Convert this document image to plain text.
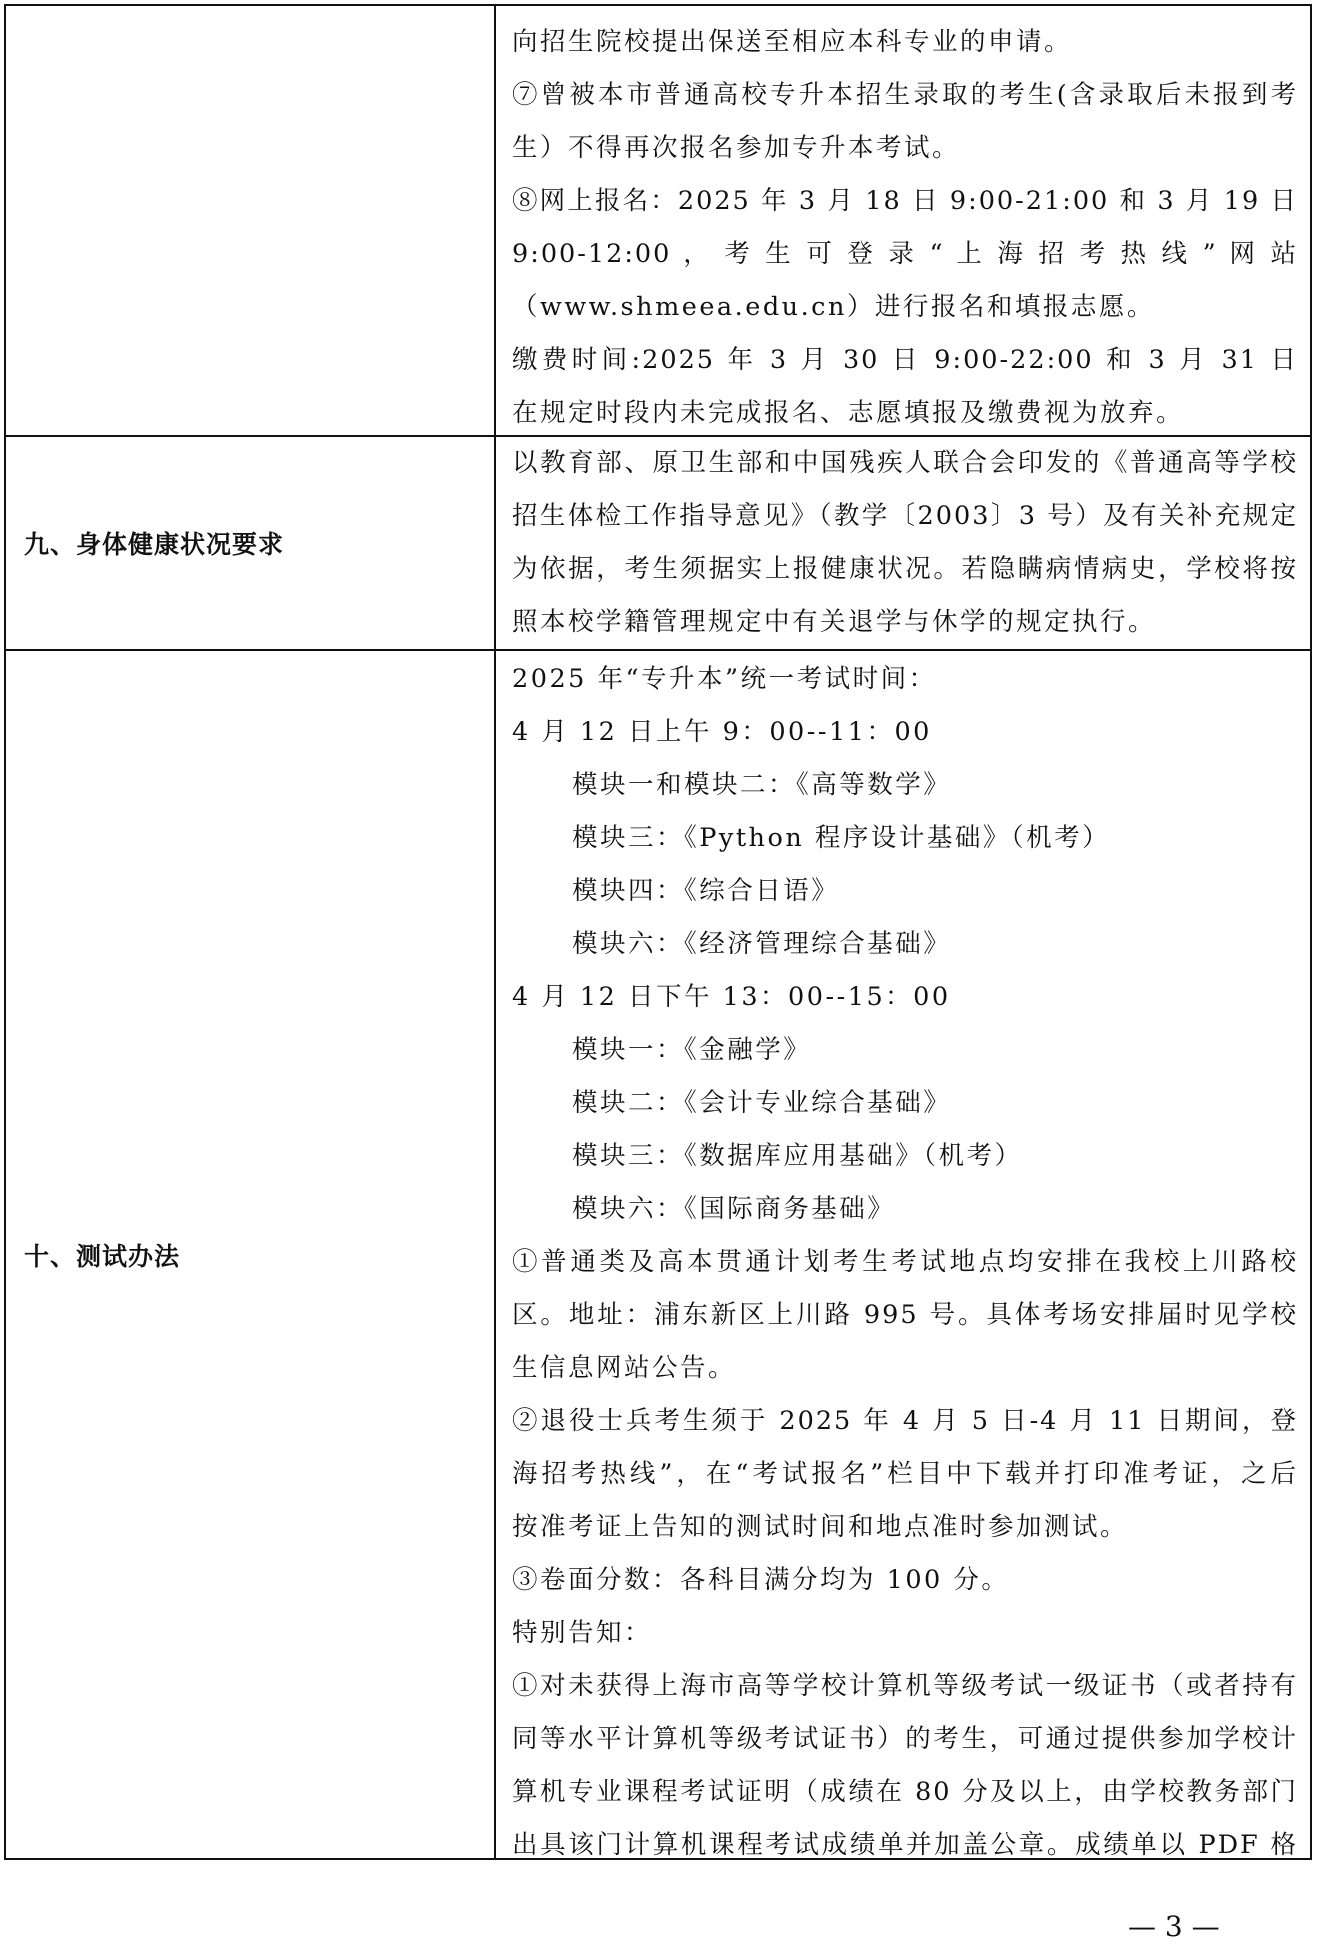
向招生院校提出保送至相应本科专业的申请。
⑦曾被本市普通高校专升本招生录取的考生(含录取后未报到考
生）不得再次报名参加专升本考试。
⑧网上报名：2025 年 3 月 18 日 9:00-21:00 和 3 月 19 日
9:00-12:00 ， 考 生 可 登 录 “ 上 海 招 考 热 线 ” 网 站
（www.shmeea.edu.cn）进行报名和填报志愿。
缴费时间:2025 年 3 月 30 日 9:00-22:00 和 3 月 31 日
在规定时段内未完成报名、志愿填报及缴费视为放弃。
九、身体健康状况要求
以教育部、原卫生部和中国残疾人联合会印发的《普通高等学校
招生体检工作指导意见》（教学〔2003〕3 号）及有关补充规定
为依据，考生须据实上报健康状况。若隐瞒病情病史，学校将按
照本校学籍管理规定中有关退学与休学的规定执行。
十、测试办法
2025 年“专升本”统一考试时间：
4 月 12 日上午 9：00--11：00
模块一和模块二：《高等数学》
模块三：《Python 程序设计基础》（机考）
模块四：《综合日语》
模块六：《经济管理综合基础》
4 月 12 日下午 13：00--15：00
模块一：《金融学》
模块二：《会计专业综合基础》
模块三：《数据库应用基础》（机考）
模块六：《国际商务基础》
①普通类及高本贯通计划考生考试地点均安排在我校上川路校
区。地址：浦东新区上川路 995 号。具体考场安排届时见学校
生信息网站公告。
②退役士兵考生须于 2025 年 4 月 5 日-4 月 11 日期间，登
海招考热线”，在“考试报名”栏目中下载并打印准考证，之后
按准考证上告知的测试时间和地点准时参加测试。
③卷面分数：各科目满分均为 100 分。
特别告知：
①对未获得上海市高等学校计算机等级考试一级证书（或者持有
同等水平计算机等级考试证书）的考生，可通过提供参加学校计
算机专业课程考试证明（成绩在 80 分及以上，由学校教务部门
出具该门计算机课程考试成绩单并加盖公章。成绩单以 PDF 格
— 3 —
